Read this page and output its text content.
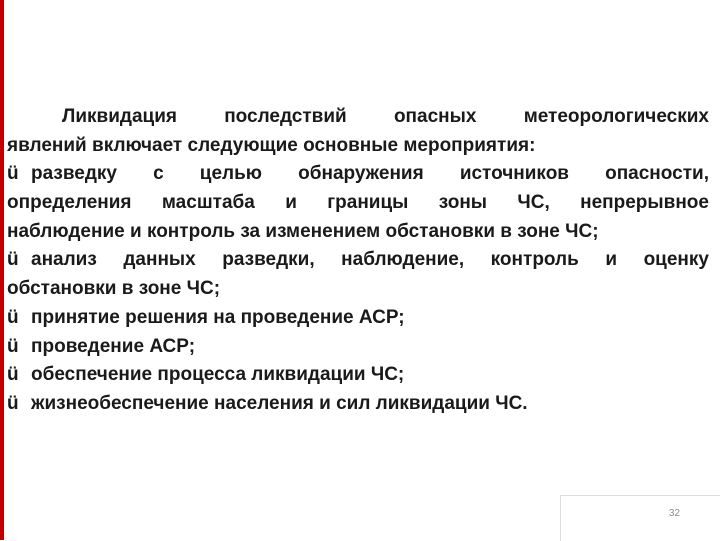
Ликвидация последствий опасных метеорологических
явлений включает следующие основные мероприятия:
ü разведку с целью обнаружения источников опасности,
определения масштаба и границы зоны ЧС, непрерывное
наблюдение и контроль за изменением обстановки в зоне ЧС;
ü анализ данных разведки, наблюдение, контроль и оценку
обстановки в зоне ЧС;
ü принятие решения на проведение АСР;
ü проведение АСР;
ü обеспечение процесса ликвидации ЧС;
ü жизнеобеспечение населения и сил ликвидации ЧС.
32
